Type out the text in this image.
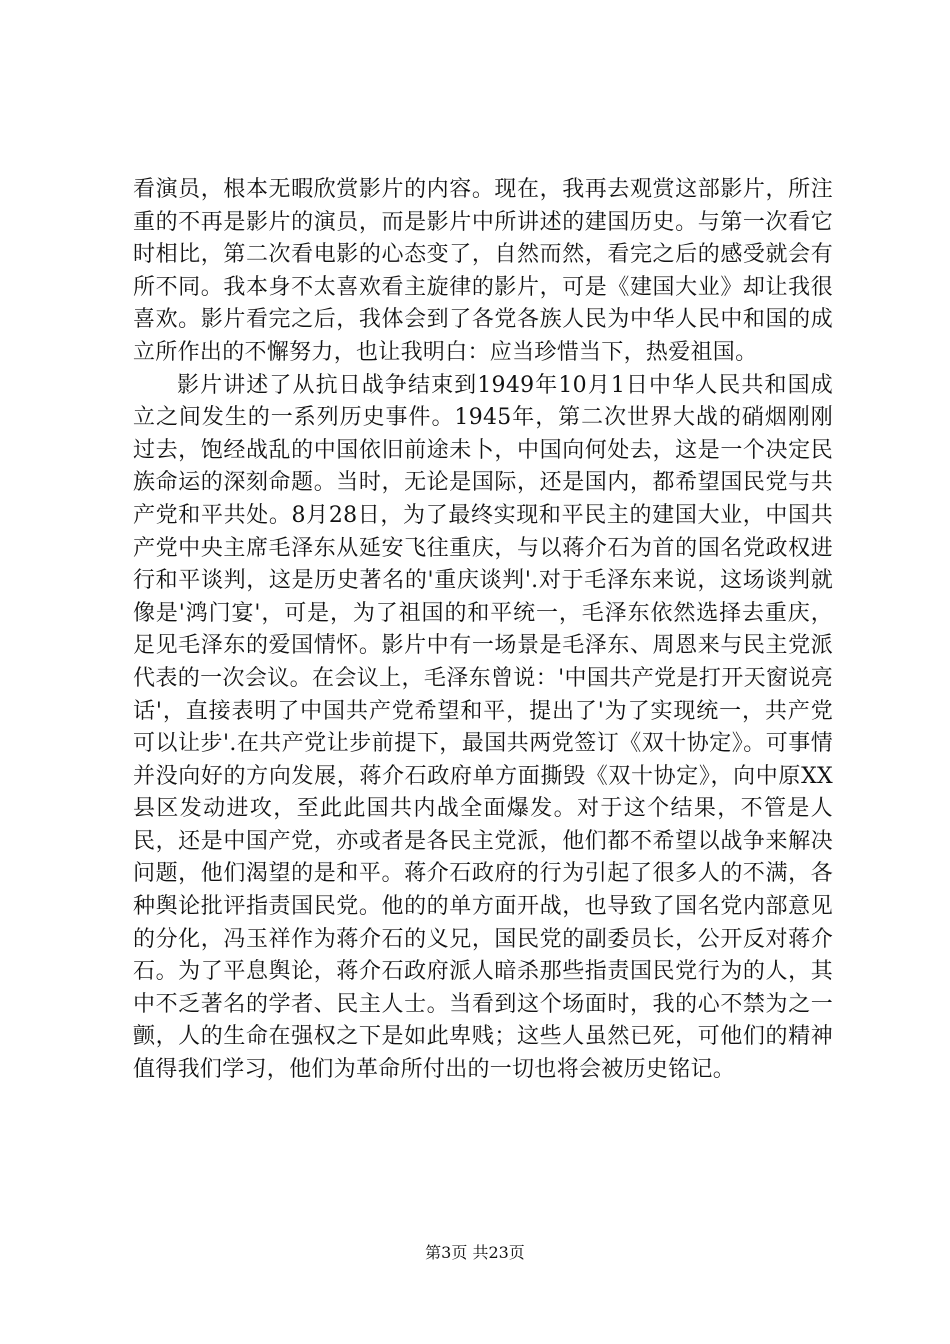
看演员，根本无暇欣赏影片的内容。现在，我再去观赏这部影片，所注重的不再是影片的演员，而是影片中所讲述的建国历史。与第一次看它时相比，第二次看电影的心态变了，自然而然，看完之后的感受就会有所不同。我本身不太喜欢看主旋律的影片，可是《建国大业》却让我很喜欢。影片看完之后，我体会到了各党各族人民为中华人民中和国的成立所作出的不懈努力，也让我明白：应当珍惜当下，热爱祖国。

影片讲述了从抗日战争结束到1949年10月1日中华人民共和国成立之间发生的一系列历史事件。1945年，第二次世界大战的硝烟刚刚过去，饱经战乱的中国依旧前途未卜，中国向何处去，这是一个决定民族命运的深刻命题。当时，无论是国际，还是国内，都希望国民党与共产党和平共处。8月28日，为了最终实现和平民主的建国大业，中国共产党中央主席毛泽东从延安飞往重庆，与以蒋介石为首的国名党政权进行和平谈判，这是历史著名的'重庆谈判'.对于毛泽东来说，这场谈判就像是'鸿门宴'，可是，为了祖国的和平统一，毛泽东依然选择去重庆，足见毛泽东的爱国情怀。影片中有一场景是毛泽东、周恩来与民主党派代表的一次会议。在会议上，毛泽东曾说：'中国共产党是打开天窗说亮话'，直接表明了中国共产党希望和平，提出了'为了实现统一，共产党可以让步'.在共产党让步前提下，最国共两党签订《双十协定》。可事情并没向好的方向发展，蒋介石政府单方面撕毁《双十协定》，向中原XX县区发动进攻，至此此国共内战全面爆发。对于这个结果，不管是人民，还是中国产党，亦或者是各民主党派，他们都不希望以战争来解决问题，他们渴望的是和平。蒋介石政府的行为引起了很多人的不满，各种舆论批评指责国民党。他的的单方面开战，也导致了国名党内部意见的分化，冯玉祥作为蒋介石的义兄，国民党的副委员长，公开反对蒋介石。为了平息舆论，蒋介石政府派人暗杀那些指责国民党行为的人，其中不乏著名的学者、民主人士。当看到这个场面时，我的心不禁为之一颤，人的生命在强权之下是如此卑贱；这些人虽然已死，可他们的精神值得我们学习，他们为革命所付出的一切也将会被历史铭记。

第3页 共23页
